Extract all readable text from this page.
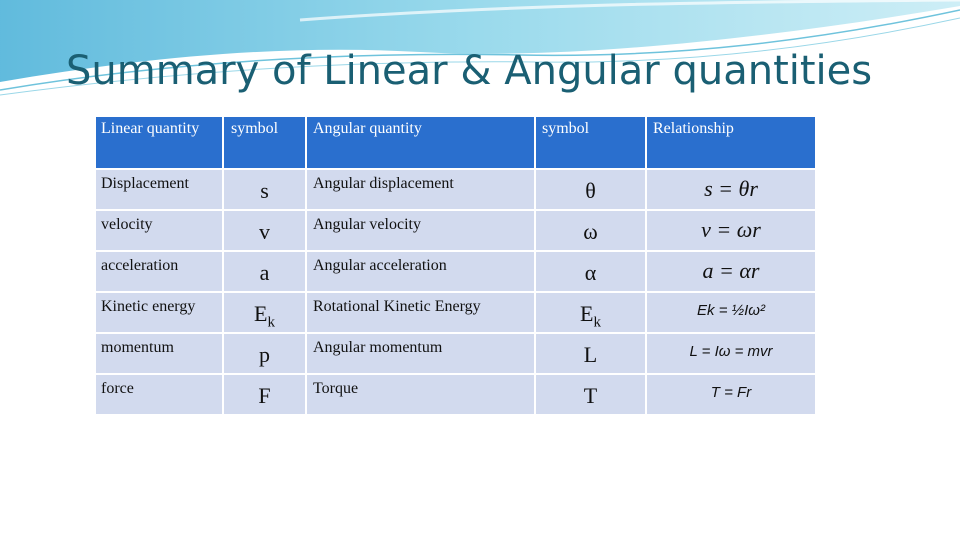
Summary of Linear & Angular quantities
Linear quantity	symbol	Angular quantity	symbol	Relationship
Displacement	s	Angular displacement	θ	s = θr
velocity	v	Angular velocity	ω	v = ωr
acceleration	a	Angular acceleration	α	a = αr
Kinetic energy	$E_k$	Rotational Kinetic Energy	$E_k$	Ek = ½Iω²
momentum	p	Angular momentum	L	L = Iω = mvr
force	F	Torque	T	T = Fr
